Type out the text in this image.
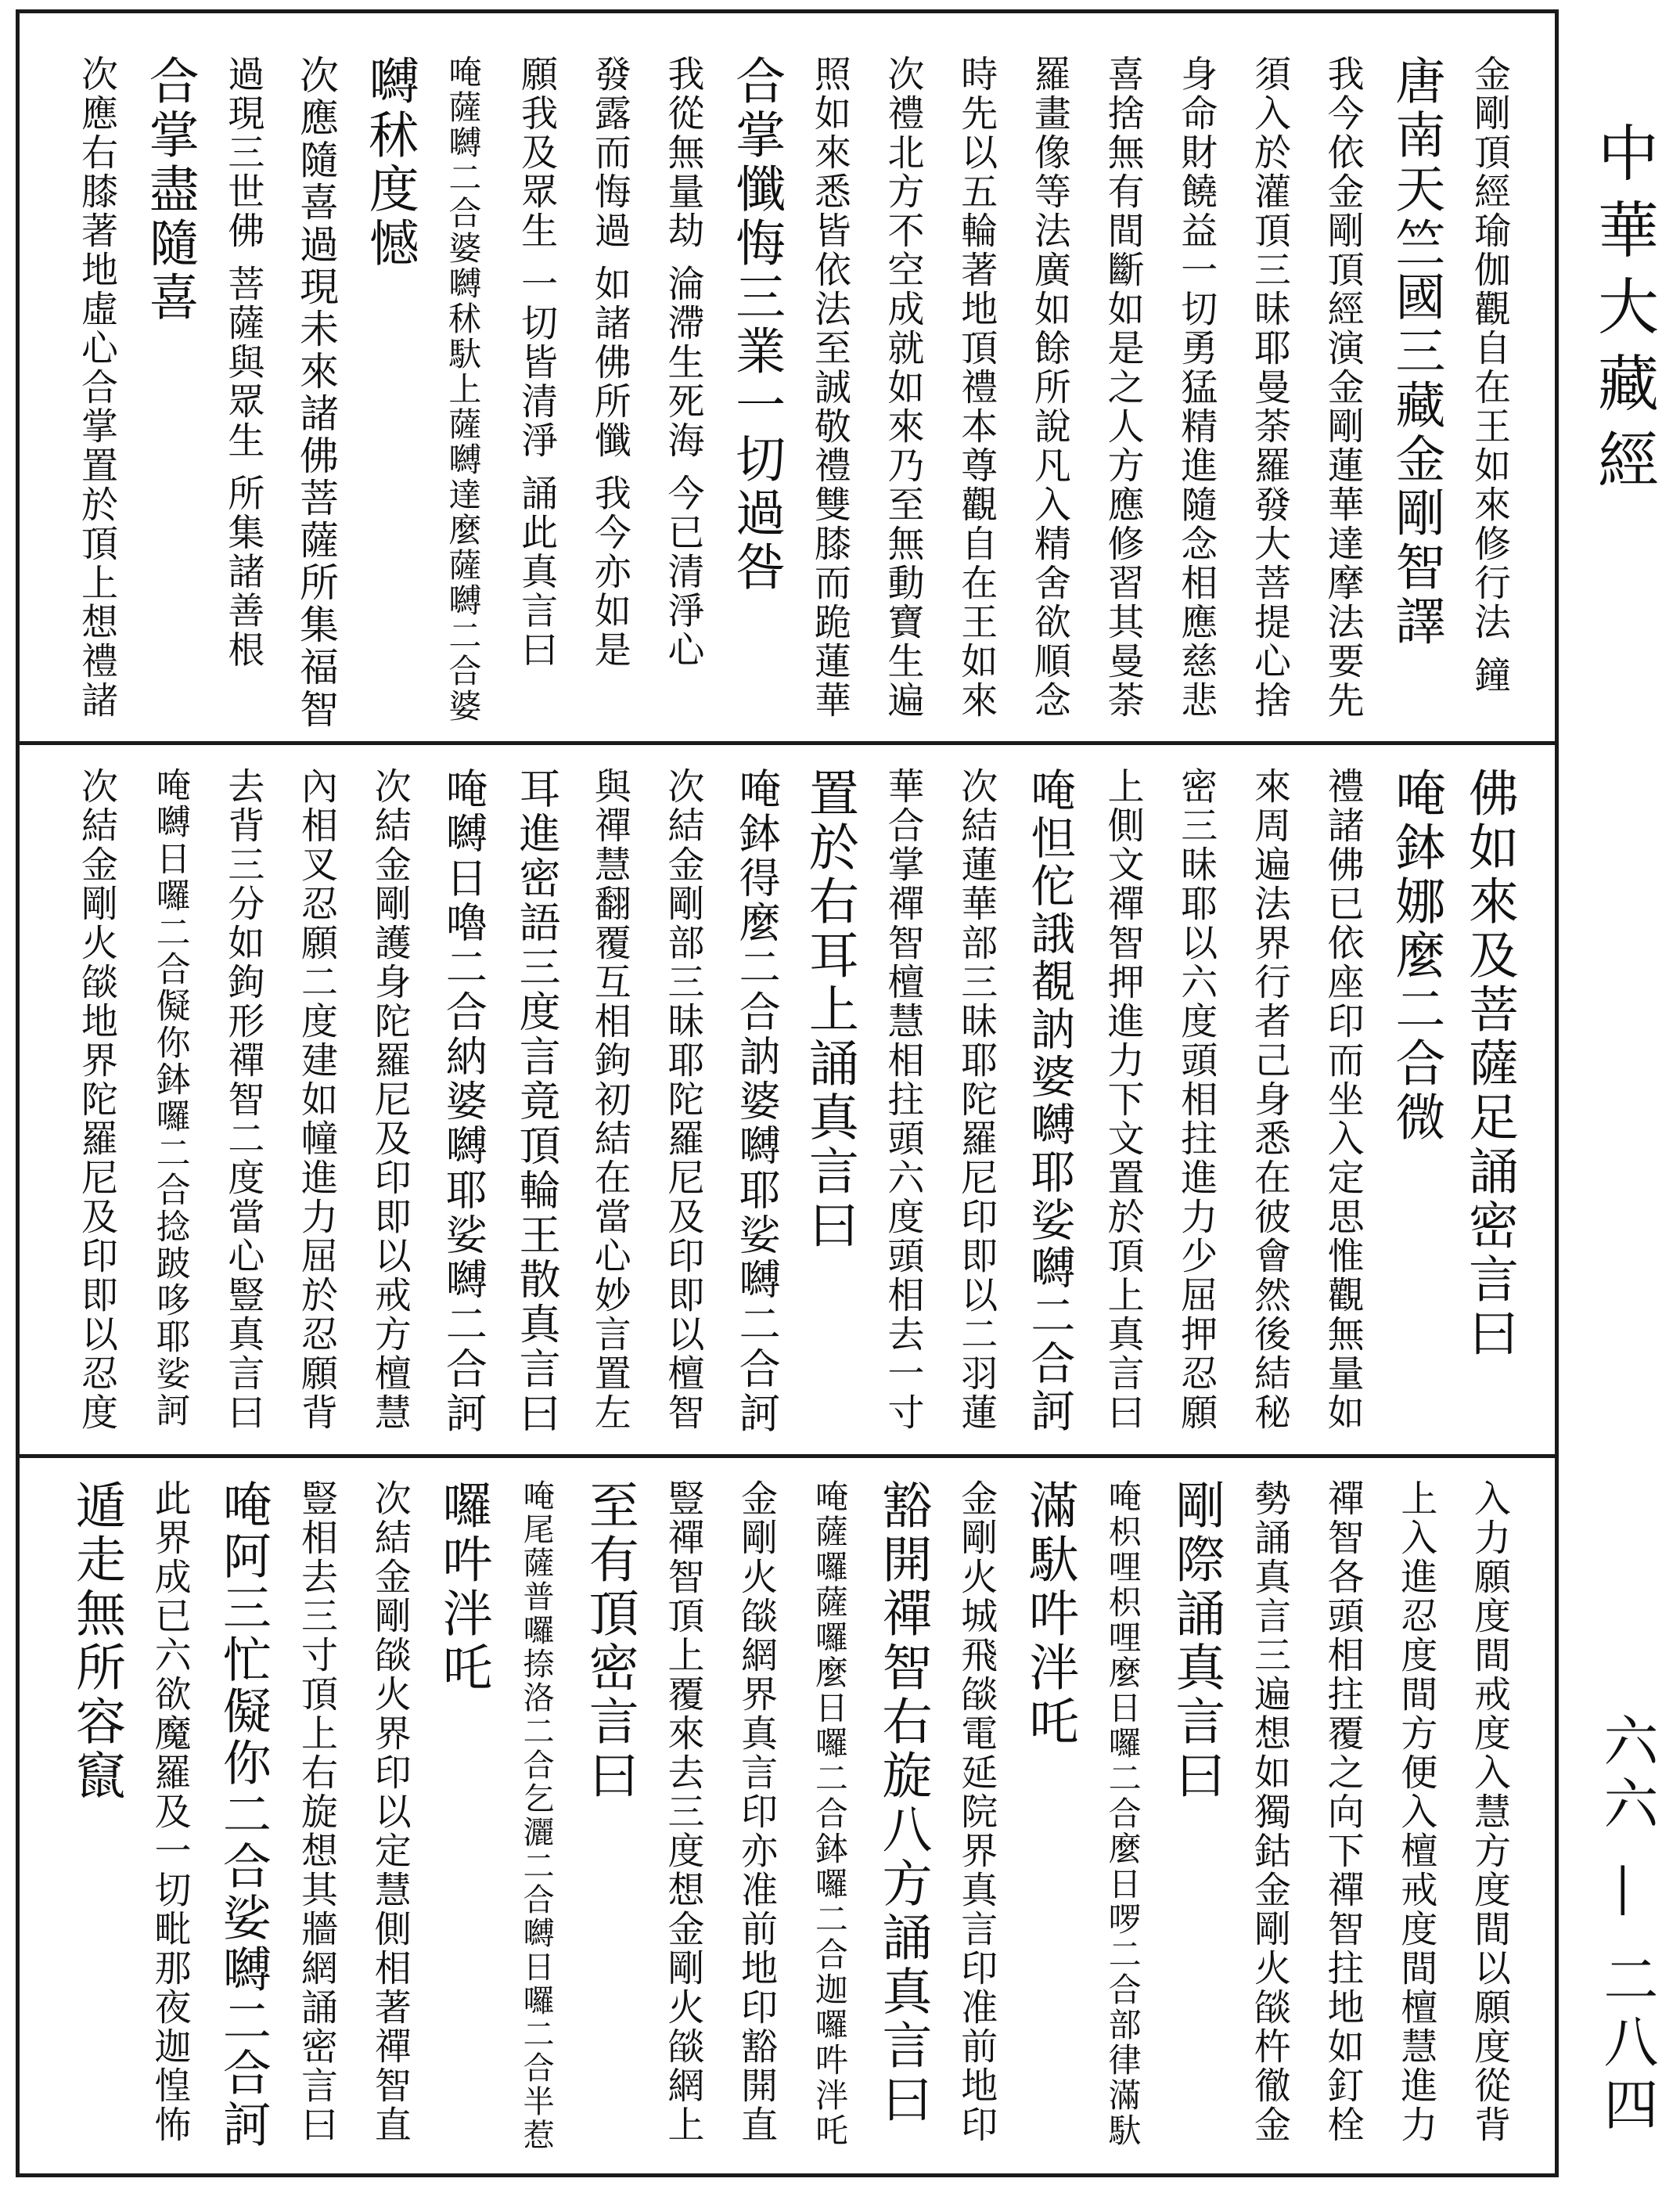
金剛頂經瑜伽觀自在王如來修行法 鐘
唐南天竺國三藏金剛智譯
我今依金剛頂經演金剛蓮華達摩法要先
須入於灌頂三昧耶曼荼羅發大菩提心捨
身命財饒益一切勇猛精進隨念相應慈悲
喜捨無有間斷如是之人方應修習其曼荼
羅畫像等法廣如餘所說凡入精舍欲順念
時先以五輪著地頂禮本尊觀自在王如來
次禮北方不空成就如來乃至無動寶生遍
照如來悉皆依法至誠敬禮雙膝而跪蓮華
合掌懺悔三業一切過咎
我從無量劫 淪滯生死海 今已清淨心
發露而悔過 如諸佛所懺 我今亦如是
願我及眾生 一切皆清淨 誦此真言曰
唵薩嚩二合婆嚩秫馱上薩嚩達麼薩嚩二合婆
嚩秫度憾
次應隨喜過現未來諸佛菩薩所集福智
過現三世佛 菩薩與眾生 所集諸善根
合掌盡隨喜
次應右膝著地虛心合掌置於頂上想禮諸
佛如來及菩薩足誦密言曰
唵鉢娜麼二合微
禮諸佛已依座印而坐入定思惟觀無量如
來周遍法界行者己身悉在彼會然後結秘
密三昧耶以六度頭相拄進力少屈押忍願
上側文禪智押進力下文置於頂上真言曰
唵怛佗誐覩訥婆嚩耶娑嚩二合訶
次結蓮華部三昧耶陀羅尼印即以二羽蓮
華合掌禪智檀慧相拄頭六度頭相去一寸
置於右耳上誦真言曰
唵鉢得麼二合訥婆嚩耶娑嚩二合訶
次結金剛部三昧耶陀羅尼及印即以檀智
與禪慧翻覆互相鉤初結在當心妙言置左
耳進密語三度言竟頂輪王散真言曰
唵嚩日嚕二合納婆嚩耶娑嚩二合訶
次結金剛護身陀羅尼及印即以戒方檀慧
內相叉忍願二度建如幢進力屈於忍願背
去背三分如鉤形禪智二度當心豎真言曰
唵嚩日囉二合儗你鉢囉二合捻跛哆耶娑訶
次結金剛火燄地界陀羅尼及印即以忍度
入力願度間戒度入慧方度間以願度從背
上入進忍度間方便入檀戒度間檀慧進力
禪智各頭相拄覆之向下禪智拄地如釘栓
勢誦真言三遍想如獨鈷金剛火燄杵徹金
剛際誦真言曰
唵枳哩枳哩麼日囉二合麼日啰二合部律滿馱
滿馱吽泮吒
金剛火城飛燄電延院界真言印准前地印
豁開禪智右旋八方誦真言曰
唵薩囉薩囉麼日囉二合鉢囉二合迦囉吽泮吒
金剛火燄網界真言印亦准前地印豁開直
豎禪智頂上覆來去三度想金剛火燄網上
至有頂密言曰
唵尾薩普囉捺洛二合乞灑二合嚩日囉二合半惹
囉吽泮吒
次結金剛燄火界印以定慧側相著禪智直
豎相去三寸頂上右旋想其牆網誦密言曰
唵阿三忙儗你二合娑嚩二合訶
此界成已六欲魔羅及一切毗那夜迦惶怖
遁走無所容竄
中華大藏經
六六 — 二八四
